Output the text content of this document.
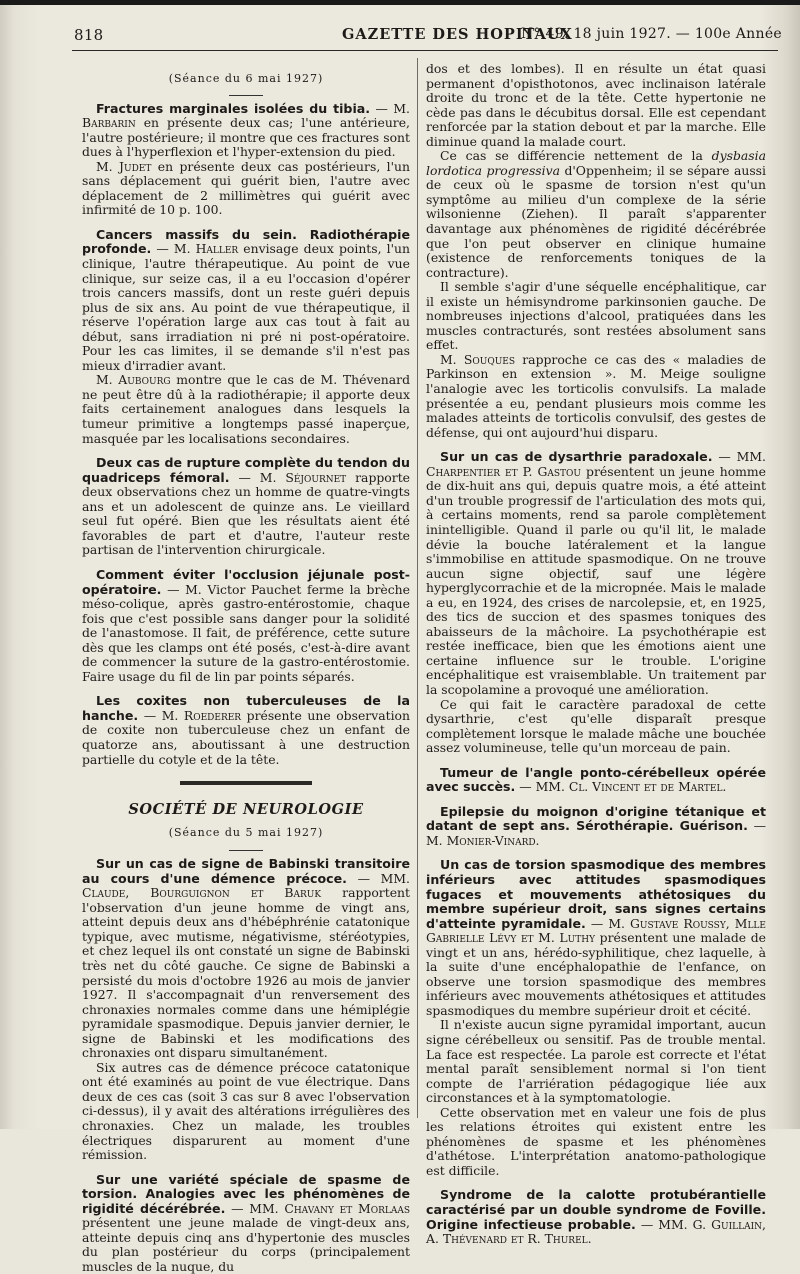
818	GAZETTE DES HOPITAUX
N° 49. 18 juin 1927. — 100e Année
(Séance du 6 mai 1927)

Fractures marginales isolées du tibia. — M. Barbarin en présente deux cas; l'une antérieure, l'autre postérieure; il montre que ces fractures sont dues à l'hyperflexion et l'hyper-extension du pied.

M. Judet en présente deux cas postérieurs, l'un sans déplacement qui guérit bien, l'autre avec déplacement de 2 millimètres qui guérit avec infirmité de 10 p. 100.

Cancers massifs du sein. Radiothérapie profonde. — M. Haller envisage deux points, l'un clinique, l'autre thérapeutique. Au point de vue clinique, sur seize cas, il a eu l'occasion d'opérer trois cancers massifs, dont un reste guéri depuis plus de six ans. Au point de vue thérapeutique, il réserve l'opération large aux cas tout à fait au début, sans irradiation ni pré ni post-opératoire. Pour les cas limites, il se demande s'il n'est pas mieux d'irradier avant.

M. Aubourg montre que le cas de M. Thévenard ne peut être dû à la radiothérapie; il apporte deux faits certainement analogues dans lesquels la tumeur primitive a longtemps passé inaperçue, masquée par les localisations secondaires.

Deux cas de rupture complète du tendon du quadriceps fémoral. — M. Séjournet rapporte deux observations chez un homme de quatre-vingts ans et un adolescent de quinze ans. Le vieillard seul fut opéré. Bien que les résultats aient été favorables de part et d'autre, l'auteur reste partisan de l'intervention chirurgicale.

Comment éviter l'occlusion jéjunale post-opératoire. — M. Victor Pauchet ferme la brèche méso-colique, après gastro-entérostomie, chaque fois que c'est possible sans danger pour la solidité de l'anastomose. Il fait, de préférence, cette suture dès que les clamps ont été posés, c'est-à-dire avant de commencer la suture de la gastro-entérostomie. Faire usage du fil de lin par points séparés.

Les coxites non tuberculeuses de la hanche. — M. Roederer présente une observation de coxite non tuberculeuse chez un enfant de quatorze ans, aboutissant à une destruction partielle du cotyle et de la tête.

SOCIÉTÉ DE NEUROLOGIE
(Séance du 5 mai 1927)

Sur un cas de signe de Babinski transitoire au cours d'une démence précoce. — MM. Claude, Bourguignon et Baruk rapportent l'observation d'un jeune homme de vingt ans, atteint depuis deux ans d'hébéphrénie catatonique typique, avec mutisme, négativisme, stéréotypies, et chez lequel ils ont constaté un signe de Babinski très net du côté gauche. Ce signe de Babinski a persisté du mois d'octobre 1926 au mois de janvier 1927. Il s'accompagnait d'un renversement des chronaxies normales comme dans une hémiplégie pyramidale spasmodique. Depuis janvier dernier, le signe de Babinski et les modifications des chronaxies ont disparu simultanément.

Six autres cas de démence précoce catatonique ont été examinés au point de vue électrique. Dans deux de ces cas (soit 3 cas sur 8 avec l'observation ci-dessus), il y avait des altérations irrégulières des chronaxies. Chez un malade, les troubles électriques disparurent au moment d'une rémission.

Sur une variété spéciale de spasme de torsion. Analogies avec les phénomènes de rigidité décérébrée. — MM. Chavany et Morlaas présentent une jeune malade de vingt-deux ans, atteinte depuis cinq ans d'hypertonie des muscles du plan postérieur du corps (principalement muscles de la nuque, du

dos et des lombes). Il en résulte un état quasi permanent d'opisthotonos, avec inclinaison latérale droite du tronc et de la tête. Cette hypertonie ne cède pas dans le décubitus dorsal. Elle est cependant renforcée par la station debout et par la marche. Elle diminue quand la malade court.

Ce cas se différencie nettement de la dysbasia lordotica progressiva d'Oppenheim; il se sépare aussi de ceux où le spasme de torsion n'est qu'un symptôme au milieu d'un complexe de la série wilsonienne (Ziehen). Il paraît s'apparenter davantage aux phénomènes de rigidité décérébrée que l'on peut observer en clinique humaine (existence de renforcements toniques de la contracture).

Il semble s'agir d'une séquelle encéphalitique, car il existe un hémisyndrome parkinsonien gauche. De nombreuses injections d'alcool, pratiquées dans les muscles contracturés, sont restées absolument sans effet.

M. Souques rapproche ce cas des « maladies de Parkinson en extension ». M. Meige souligne l'analogie avec les torticolis convulsifs. La malade présentée a eu, pendant plusieurs mois comme les malades atteints de torticolis convulsif, des gestes de défense, qui ont aujourd'hui disparu.

Sur un cas de dysarthrie paradoxale. — MM. Charpentier et P. Gastou présentent un jeune homme de dix-huit ans qui, depuis quatre mois, a été atteint d'un trouble progressif de l'articulation des mots qui, à certains moments, rend sa parole complètement inintelligible. Quand il parle ou qu'il lit, le malade dévie la bouche latéralement et la langue s'immobilise en attitude spasmodique. On ne trouve aucun signe objectif, sauf une légère hyperglycorrachie et de la micropnée. Mais le malade a eu, en 1924, des crises de narcolepsie, et, en 1925, des tics de succion et des spasmes toniques des abaisseurs de la mâchoire. La psychothérapie est restée inefficace, bien que les émotions aient une certaine influence sur le trouble. L'origine encéphalitique est vraisemblable. Un traitement par la scopolamine a provoqué une amélioration.

Ce qui fait le caractère paradoxal de cette dysarthrie, c'est qu'elle disparaît presque complètement lorsque le malade mâche une bouchée assez volumineuse, telle qu'un morceau de pain.

Tumeur de l'angle ponto-cérébelleux opérée avec succès. — MM. Cl. Vincent et de Martel.

Epilepsie du moignon d'origine tétanique et datant de sept ans. Sérothérapie. Guérison. — M. Monier-Vinard.

Un cas de torsion spasmodique des membres inférieurs avec attitudes spasmodiques fugaces et mouvements athétosiques du membre supérieur droit, sans signes certains d'atteinte pyramidale. — M. Gustave Roussy, Mlle Gabrielle Lévy et M. Luthy présentent une malade de vingt et un ans, hérédo-syphilitique, chez laquelle, à la suite d'une encéphalopathie de l'enfance, on observe une torsion spasmodique des membres inférieurs avec mouvements athétosiques et attitudes spasmodiques du membre supérieur droit et cécité.

Il n'existe aucun signe pyramidal important, aucun signe cérébelleux ou sensitif. Pas de trouble mental. La face est respectée. La parole est correcte et l'état mental paraît sensiblement normal si l'on tient compte de l'arriération pédagogique liée aux circonstances et à la symptomatologie.

Cette observation met en valeur une fois de plus les relations étroites qui existent entre les phénomènes de spasme et les phénomènes d'athétose. L'interprétation anatomo-pathologique est difficile.

Syndrome de la calotte protubérantielle caractérisé par un double syndrome de Foville. Origine infectieuse probable. — MM. G. Guillain, A. Thévenard et R. Thurel.
